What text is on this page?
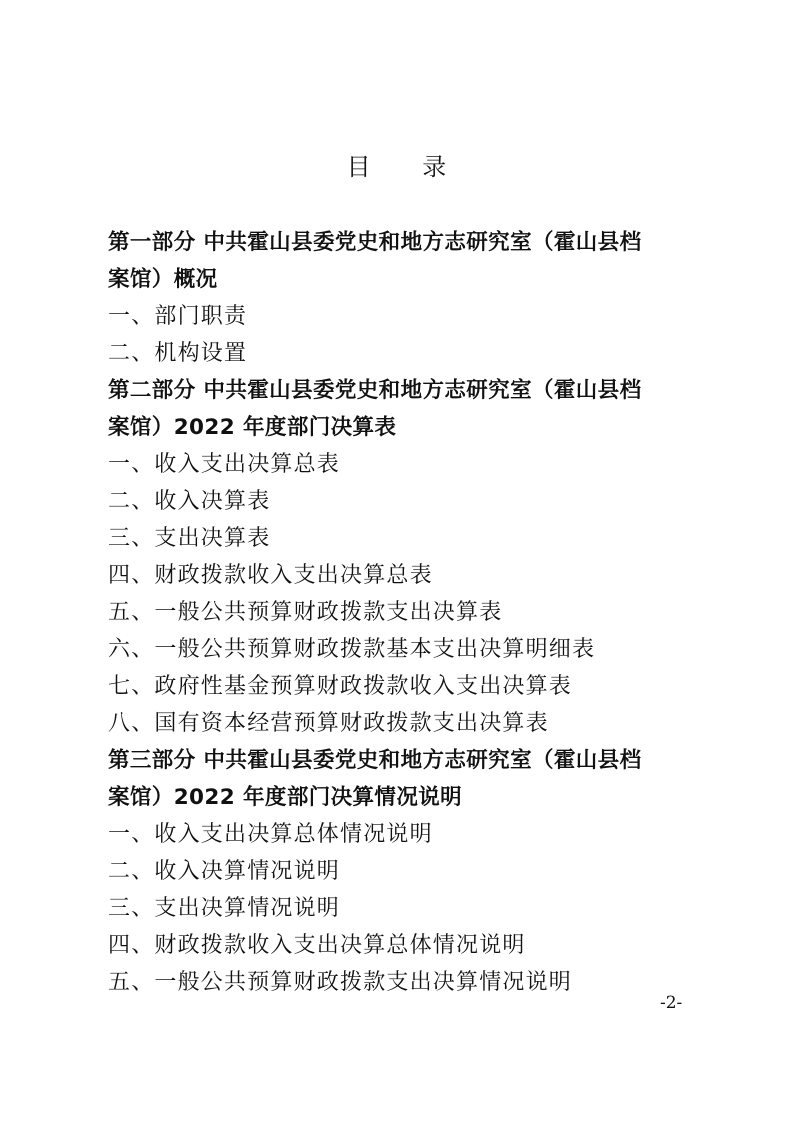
目 录
第一部分 中共霍山县委党史和地方志研究室（霍山县档
案馆）概况
一、部门职责
二、机构设置
第二部分 中共霍山县委党史和地方志研究室（霍山县档
案馆）2022 年度部门决算表
一、收入支出决算总表
二、收入决算表
三、支出决算表
四、财政拨款收入支出决算总表
五、一般公共预算财政拨款支出决算表
六、一般公共预算财政拨款基本支出决算明细表
七、政府性基金预算财政拨款收入支出决算表
八、国有资本经营预算财政拨款支出决算表
第三部分 中共霍山县委党史和地方志研究室（霍山县档
案馆）2022 年度部门决算情况说明
一、收入支出决算总体情况说明
二、收入决算情况说明
三、支出决算情况说明
四、财政拨款收入支出决算总体情况说明
五、一般公共预算财政拨款支出决算情况说明
-2-
